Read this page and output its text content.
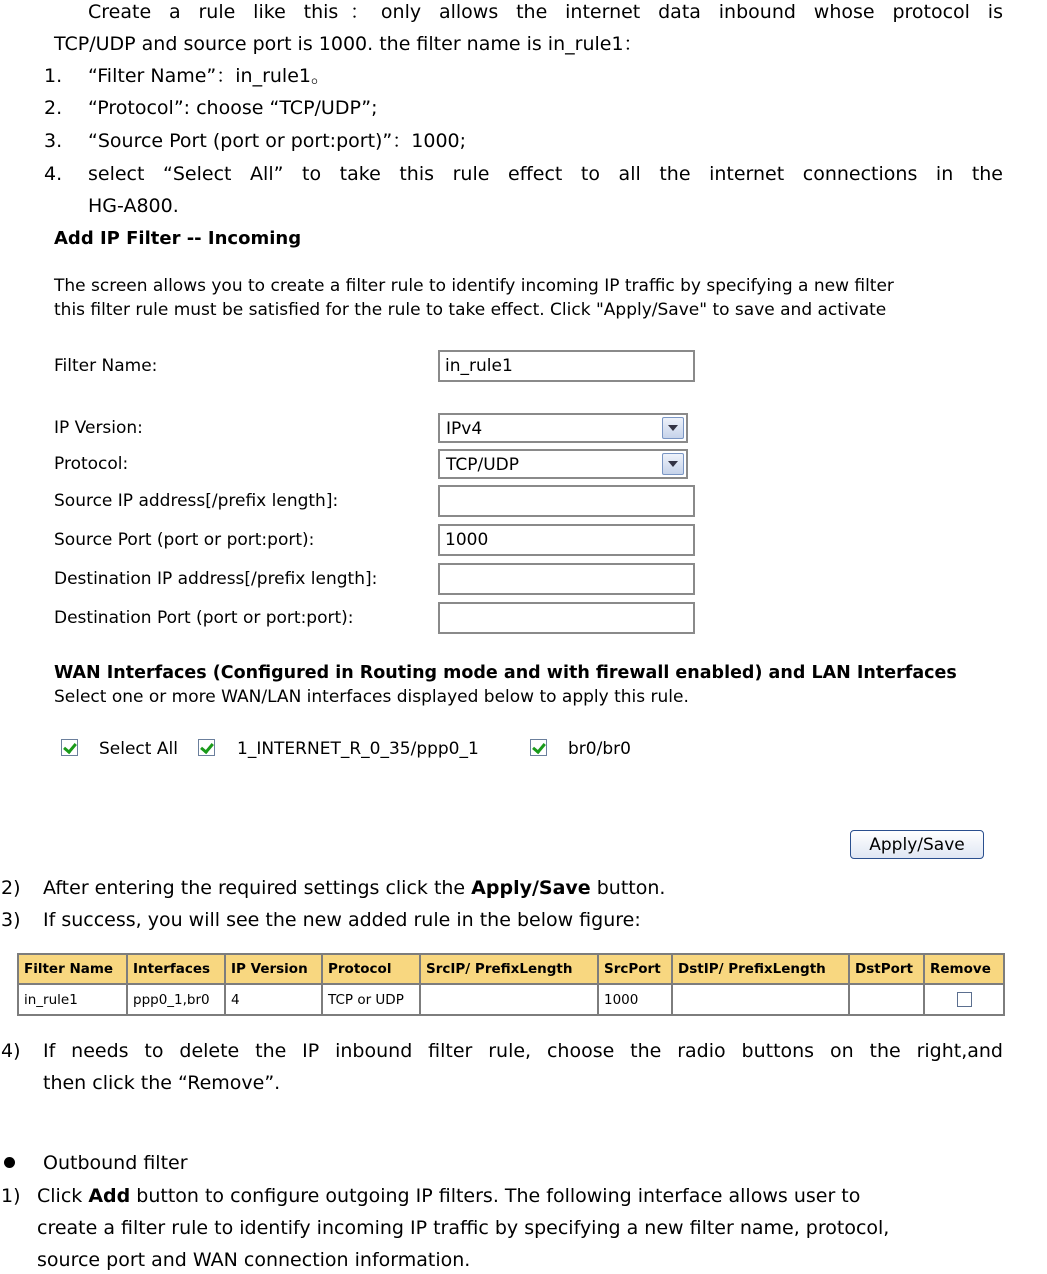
Create a rule like this：only allows the internet data inbound whose protocol is
TCP/UDP and source port is 1000. the filter name is in_rule1：
1. “Filter Name”：in_rule1。
2. “Protocol”: choose “TCP/UDP”;
3. “Source Port (port or port:port)”：1000;
4. select “Select All” to take this rule effect to all the internet connections in the
HG-A800.
Add IP Filter -- Incoming
The screen allows you to create a filter rule to identify incoming IP traffic by specifying a new filter
this filter rule must be satisfied for the rule to take effect. Click "Apply/Save" to save and activate
Filter Name:
in_rule1
IP Version:	IPv4
Protocol:	TCP/UDP
Source IP address[/prefix length]:
Source Port (port or port:port):
1000
Destination IP address[/prefix length]:
Destination Port (port or port:port):
WAN Interfaces (Configured in Routing mode and with firewall enabled) and LAN Interfaces
Select one or more WAN/LAN interfaces displayed below to apply this rule.
Select All	1_INTERNET_R_0_35/ppp0_1	br0/br0
Apply/Save
2) After entering the required settings click the Apply/Save button.
3) If success, you will see the new added rule in the below figure:
Filter Name	Interfaces	IP Version	Protocol	SrcIP/ PrefixLength	SrcPort	DstIP/ PrefixLength	DstPort	Remove
in_rule1	ppp0_1,br0	4	TCP or UDP		1000			
4) If needs to delete the IP inbound filter rule, choose the radio buttons on the right,and
then click the “Remove”.
Outbound filter
1) Click Add button to configure outgoing IP filters. The following interface allows user to
create a filter rule to identify incoming IP traffic by specifying a new filter name, protocol,
source port and WAN connection information.
